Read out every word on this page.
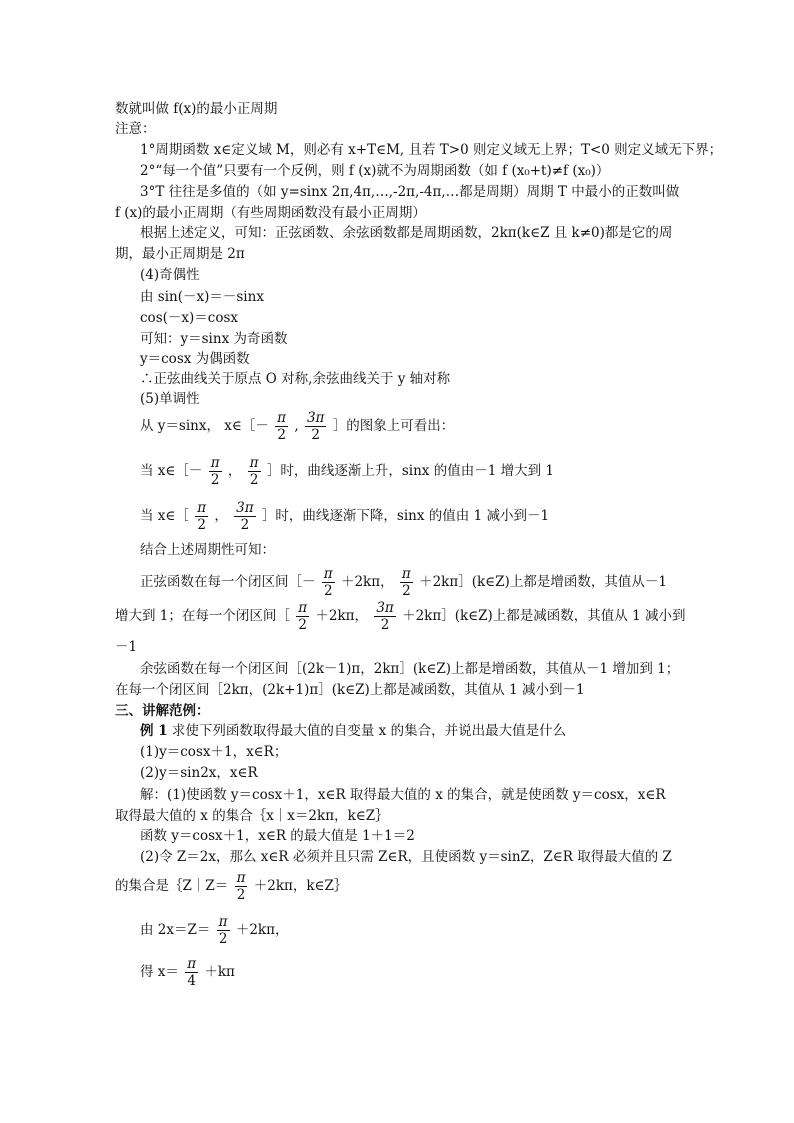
数就叫做 f(x)的最小正周期
注意：
1°周期函数 x∈定义域 M，则必有 x+T∈M, 且若 T>0 则定义域无上界；T<0 则定义域无下界；
2°“每一个值”只要有一个反例，则 f (x)就不为周期函数（如 f (x₀+t)≠f (x₀)）
3°T 往往是多值的（如 y=sinx 2π,4π,…,-2π,-4π,…都是周期）周期 T 中最小的正数叫做 f (x)的最小正周期（有些周期函数没有最小正周期）
根据上述定义，可知：正弦函数、余弦函数都是周期函数，2kπ(k∈Z 且 k≠0)都是它的周期，最小正周期是 2π
(4)奇偶性
由 sin(－x)＝－sinx
cos(－x)＝cosx
可知：y＝sinx 为奇函数
y＝cosx 为偶函数
∴正弦曲线关于原点 O 对称,余弦曲线关于 y 轴对称
(5)单调性
从 y＝sinx， x∈［－ $\frac{\pi}{2}$ , $\frac{3\pi}{2}$ ］的图象上可看出：
当 x∈［－ $\frac{\pi}{2}$ ， $\frac{\pi}{2}$ ］时，曲线逐渐上升，sinx 的值由－1 增大到 1
当 x∈［ $\frac{\pi}{2}$ ， $\frac{3\pi}{2}$ ］时，曲线逐渐下降，sinx 的值由 1 减小到－1
结合上述周期性可知：
正弦函数在每一个闭区间［－ $\frac{\pi}{2} +2k\pi$， $\frac{\pi}{2}$ ＋2kπ］(k∈Z)上都是增函数，其值从－1
增大到 1；在每一个闭区间［ $\frac{\pi}{2} +2k\pi$， $\frac{3\pi}{2}$ ＋2kπ］(k∈Z)上都是减函数，其值从 1 减小到
－1
余弦函数在每一个闭区间［(2k－1)π，2kπ］(k∈Z)上都是增函数，其值从－1 增加到 1；在每一个闭区间［2kπ，(2k+1)π］(k∈Z)上都是减函数，其值从 1 减小到－1
三、讲解范例：
例 1 求使下列函数取得最大值的自变量 x 的集合，并说出最大值是什么
(1)y＝cosx＋1，x∈R；
(2)y＝sin2x，x∈R
解：(1)使函数 y＝cosx＋1，x∈R 取得最大值的 x 的集合，就是使函数 y＝cosx，x∈R 取得最大值的 x 的集合｛x｜x＝2kπ，k∈Z｝
函数 y＝cosx＋1，x∈R 的最大值是 1＋1＝2
(2)令 Z＝2x，那么 x∈R 必须并且只需 Z∈R，且使函数 y＝sinZ，Z∈R 取得最大值的 Z
的集合是｛Z｜Z＝ $\frac{\pi}{2} +2k\pi$，k∈Z｝
由 $2x=Z= \frac{\pi}{2} +2k\pi$，
得 $x= \frac{\pi}{4} +k\pi$
